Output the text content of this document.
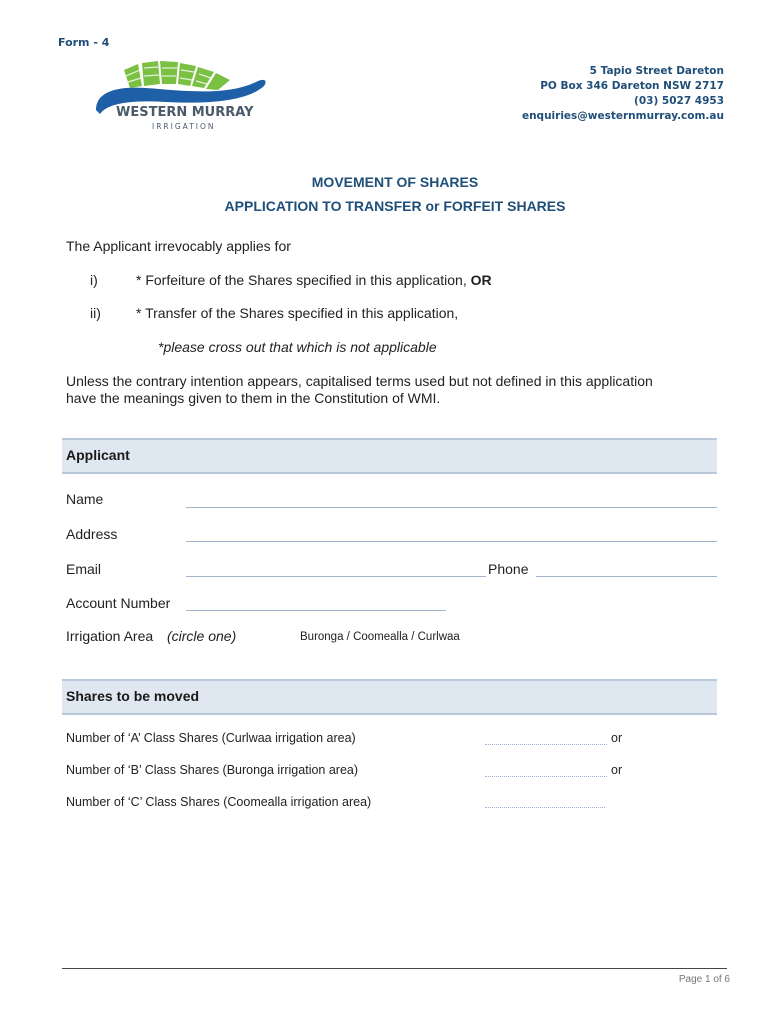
Form - 4
WESTERN MURRAY
IRRIGATION
5 Tapio Street Dareton
PO Box 346 Dareton NSW 2717
(03) 5027 4953
enquiries@westernmurray.com.au
MOVEMENT OF SHARES
APPLICATION TO TRANSFER or FORFEIT SHARES
The Applicant irrevocably applies for
i)	* Forfeiture of the Shares specified in this application, OR
ii)	* Transfer of the Shares specified in this application,
*please cross out that which is not applicable
Unless the contrary intention appears, capitalised terms used but not defined in this application
have the meanings given to them in the Constitution of WMI.
Applicant
Name
Address
Email	Phone
Account Number
Irrigation Area (circle one)	Buronga / Coomealla / Curlwaa
Shares to be moved
Number of ‘A’ Class Shares (Curlwaa irrigation area)	or
Number of ‘B’ Class Shares (Buronga irrigation area)	or
Number of ‘C’ Class Shares (Coomealla irrigation area)
Page 1 of 6
